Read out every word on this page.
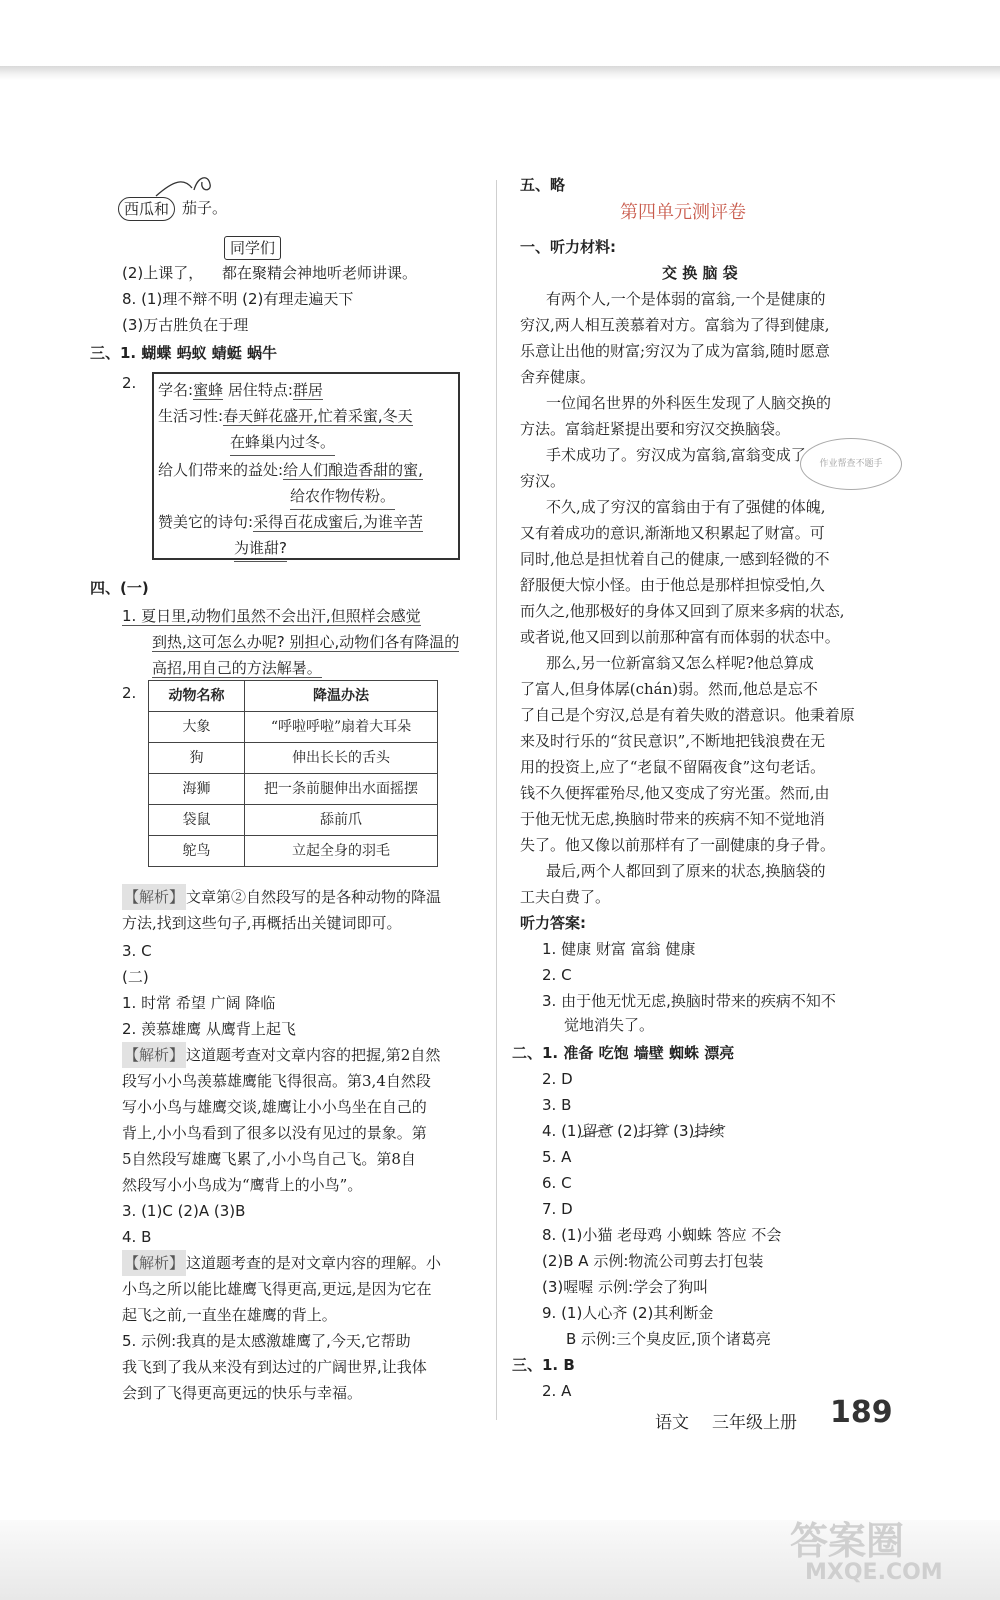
西瓜和 茄子。
同学们
(2)上课了， 都在聚精会神地听老师讲课。
8. (1)理不辩不明 (2)有理走遍天下
(3)万古胜负在于理
三、1. 蝴蝶 蚂蚁 蜻蜓 蜗牛
2. 学名:蜜蜂 居住特点:群居
生活习性:春天鲜花盛开,忙着采蜜,冬天
在蜂巢内过冬。
给人们带来的益处:给人们酿造香甜的蜜,
给农作物传粉。
赞美它的诗句:采得百花成蜜后,为谁辛苦
为谁甜?
四、(一)
1. 夏日里,动物们虽然不会出汗,但照样会感觉
到热,这可怎么办呢? 别担心,动物们各有降温的
高招,用自己的方法解暑。
2. 动物名称	降温办法
大象	“呼啦呼啦”扇着大耳朵
狗	伸出长长的舌头
海狮	把一条前腿伸出水面摇摆
袋鼠	舔前爪
鸵鸟	立起全身的羽毛
【解析】 文章第②自然段写的是各种动物的降温
方法,找到这些句子,再概括出关键词即可。
3. C
(二)
1. 时常 希望 广阔 降临
2. 羡慕雄鹰 从鹰背上起飞
【解析】 这道题考查对文章内容的把握,第2自然
段写小小鸟羡慕雄鹰能飞得很高。第3,4自然段
写小小鸟与雄鹰交谈,雄鹰让小小鸟坐在自己的
背上,小小鸟看到了很多以没有见过的景象。第
5自然段写雄鹰飞累了,小小鸟自己飞。第8自
然段写小小鸟成为“鹰背上的小鸟”。
3. (1)C (2)A (3)B
4. B
【解析】 这道题考查的是对文章内容的理解。小
小鸟之所以能比雄鹰飞得更高,更远,是因为它在
起飞之前,一直坐在雄鹰的背上。
5. 示例:我真的是太感激雄鹰了,今天,它帮助
我飞到了我从来没有到达过的广阔世界,让我体
会到了飞得更高更远的快乐与幸福。
五、略
第四单元测评卷
一、听力材料:
交 换 脑 袋
有两个人,一个是体弱的富翁,一个是健康的
穷汉,两人相互羡慕着对方。富翁为了得到健康,
乐意让出他的财富;穷汉为了成为富翁,随时愿意
舍弃健康。
一位闻名世界的外科医生发现了人脑交换的
方法。富翁赶紧提出要和穷汉交换脑袋。
手术成功了。穷汉成为富翁,富翁变成了
穷汉。
不久,成了穷汉的富翁由于有了强健的体魄,
又有着成功的意识,渐渐地又积累起了财富。可
同时,他总是担忧着自己的健康,一感到轻微的不
舒服便大惊小怪。由于他总是那样担惊受怕,久
而久之,他那极好的身体又回到了原来多病的状态,
或者说,他又回到以前那种富有而体弱的状态中。
那么,另一位新富翁又怎么样呢?他总算成
了富人,但身体孱(chán)弱。然而,他总是忘不
了自己是个穷汉,总是有着失败的潜意识。他秉着原
来及时行乐的“贫民意识”,不断地把钱浪费在无
用的投资上,应了“老鼠不留隔夜食”这句老话。
钱不久便挥霍殆尽,他又变成了穷光蛋。然而,由
于他无忧无虑,换脑时带来的疾病不知不觉地消
失了。他又像以前那样有了一副健康的身子骨。
最后,两个人都回到了原来的状态,换脑袋的
工夫白费了。
听力答案:
1. 健康 财富 富翁 健康
2. C
3. 由于他无忧无虑,换脑时带来的疾病不知不
觉地消失了。
二、1. 准备 吃饱 墙壁 蜘蛛 漂亮
2. D
3. B
4. (1)留意 (2)打算 (3)持续
5. A
6. C
7. D
8. (1)小猫 老母鸡 小蜘蛛 答应 不会
(2)B A 示例:物流公司剪去打包装
(3)喔喔 示例:学会了狗叫
9. (1)人心齐 (2)其利断金
B 示例:三个臭皮匠,顶个诸葛亮
三、1. B
2. A
作业帮查不题手
语文 三年级上册 189
答案圈
MXQE.COM
